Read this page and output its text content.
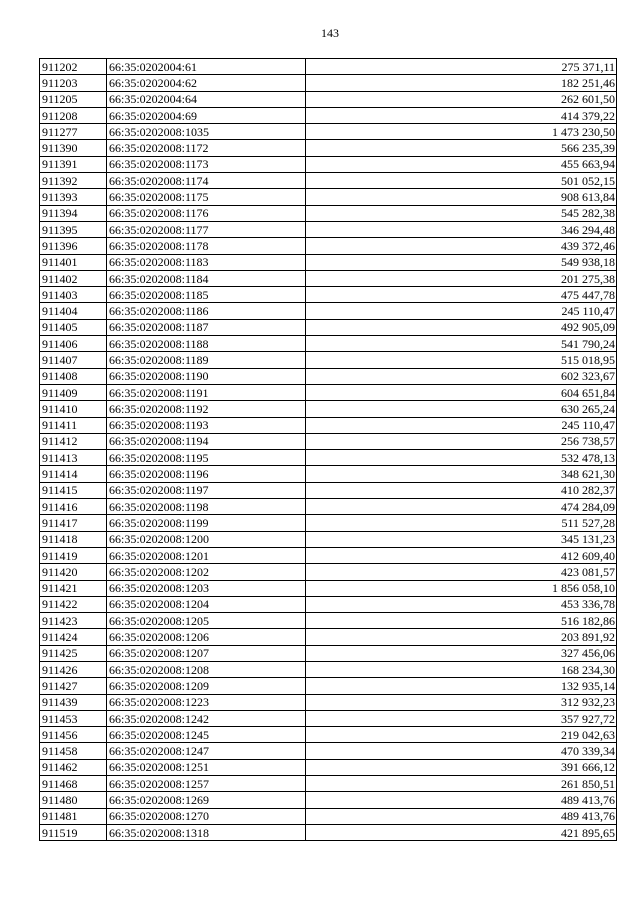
143
911202	66:35:0202004:61	275 371,11
911203	66:35:0202004:62	182 251,46
911205	66:35:0202004:64	262 601,50
911208	66:35:0202004:69	414 379,22
911277	66:35:0202008:1035	1 473 230,50
911390	66:35:0202008:1172	566 235,39
911391	66:35:0202008:1173	455 663,94
911392	66:35:0202008:1174	501 052,15
911393	66:35:0202008:1175	908 613,84
911394	66:35:0202008:1176	545 282,38
911395	66:35:0202008:1177	346 294,48
911396	66:35:0202008:1178	439 372,46
911401	66:35:0202008:1183	549 938,18
911402	66:35:0202008:1184	201 275,38
911403	66:35:0202008:1185	475 447,78
911404	66:35:0202008:1186	245 110,47
911405	66:35:0202008:1187	492 905,09
911406	66:35:0202008:1188	541 790,24
911407	66:35:0202008:1189	515 018,95
911408	66:35:0202008:1190	602 323,67
911409	66:35:0202008:1191	604 651,84
911410	66:35:0202008:1192	630 265,24
911411	66:35:0202008:1193	245 110,47
911412	66:35:0202008:1194	256 738,57
911413	66:35:0202008:1195	532 478,13
911414	66:35:0202008:1196	348 621,30
911415	66:35:0202008:1197	410 282,37
911416	66:35:0202008:1198	474 284,09
911417	66:35:0202008:1199	511 527,28
911418	66:35:0202008:1200	345 131,23
911419	66:35:0202008:1201	412 609,40
911420	66:35:0202008:1202	423 081,57
911421	66:35:0202008:1203	1 856 058,10
911422	66:35:0202008:1204	453 336,78
911423	66:35:0202008:1205	516 182,86
911424	66:35:0202008:1206	203 891,92
911425	66:35:0202008:1207	327 456,06
911426	66:35:0202008:1208	168 234,30
911427	66:35:0202008:1209	132 935,14
911439	66:35:0202008:1223	312 932,23
911453	66:35:0202008:1242	357 927,72
911456	66:35:0202008:1245	219 042,63
911458	66:35:0202008:1247	470 339,34
911462	66:35:0202008:1251	391 666,12
911468	66:35:0202008:1257	261 850,51
911480	66:35:0202008:1269	489 413,76
911481	66:35:0202008:1270	489 413,76
911519	66:35:0202008:1318	421 895,65
